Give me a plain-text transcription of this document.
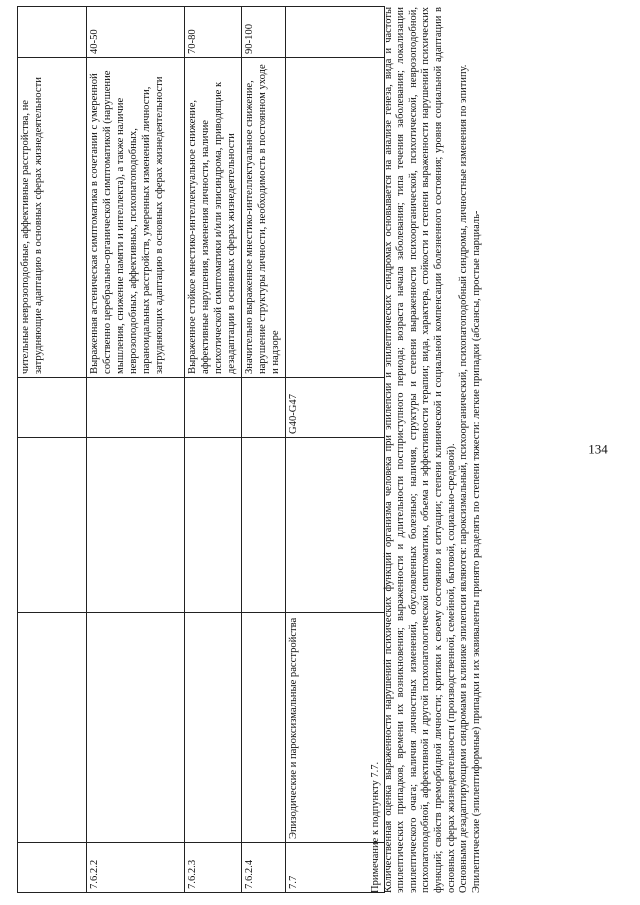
134
				чительные неврозоподобные, аффективные расстройства, не затрудняющие адаптацию в основных сферах жизнедеятельности	
7.6.2.2				Выраженная астеническая симптоматика в сочетании с умеренной собственно церебрально-органической симптоматикой (нарушение мышления, снижение памяти и интеллекта), а также наличие неврозоподобных, аффективных, психопатоподобных, параноидальных расстройств, умеренных изменений личности, затрудняющих адаптацию в основных сферах жизнедеятельности	40-50
7.6.2.3				Выраженное стойкое мнестико-интеллектуальное снижение, аффективные нарушения, изменения личности, наличие психотической симптоматики и/или эписиндрома, приводящие к дезадаптации в основных сферах жизнедеятельности	70-80
7.6.2.4				Значительно выраженное мнестико-интеллектуальное снижение, нарушение структуры личности, необходимость в постоянном уходе и надзоре	90-100
7.7	Эпизодические и пароксизмальные расстройства		G40-G47		

Примечание к подпункту 7.7. Количественная оценка выраженности нарушений психических функций организма человека при эпилепсии и эпилептических синдромах основывается на анализе генеза, вида и частоты эпилептических припадков, времени их возникновения; выраженности и длительности постприступного периода; возраста начала заболевания; типа течения заболевания; локализации эпилептического очага; наличия личностных изменений, обусловленных болезнью; наличия, структуры и степени выраженности психоорганической, психотической, неврозоподобной, психопатоподобной, аффективной и другой психопатологической симптоматики, объема и эффективности терапии; вида, характера, стойкости и степени выраженности нарушений психических функций; свойств преморбидной личности; критики к своему состоянию и ситуации; степени клинической и социальной компенсации болезненного состояния; уровня социальной адаптации в основных сферах жизнедеятельности (производственной, семейной, бытовой, социально-средовой). Основными дезадаптирующими синдромами в клинике эпилепсии являются: пароксизмальный, психоорганический, психопатоподобный синдромы, личностные изменения по эпитипу. Эпилептические (эпилептиформные) припадки и их эквиваленты принято разделять по степени тяжести: легкие припадки (абсансы, простые парциаль-
